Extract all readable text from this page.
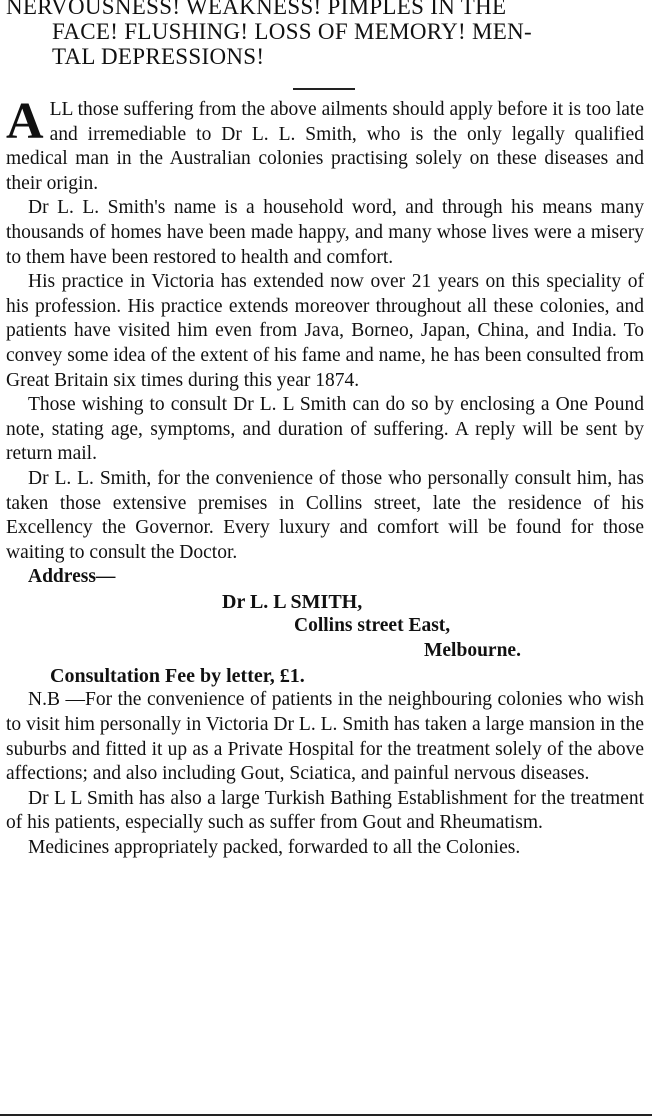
NERVOUSNESS! WEAKNESS! PIMPLES IN THE
FACE! FLUSHING! LOSS OF MEMORY! MEN-
TAL DEPRESSIONS!

ALL those suffering from the above ailments should apply before it is too late and irremediable to Dr L. L. Smith, who is the only legally qualified medical man in the Australian colonies practising solely on these diseases and their origin.

Dr L. L. Smith's name is a household word, and through his means many thousands of homes have been made happy, and many whose lives were a misery to them have been restored to health and comfort.

His practice in Victoria has extended now over 21 years on this speciality of his profession. His practice extends moreover throughout all these colonies, and patients have visited him even from Java, Borneo, Japan, China, and India. To convey some idea of the extent of his fame and name, he has been consulted from Great Britain six times during this year 1874.

Those wishing to consult Dr L. L Smith can do so by enclosing a One Pound note, stating age, symptoms, and duration of suffering. A reply will be sent by return mail.

Dr L. L. Smith, for the convenience of those who personally consult him, has taken those extensive premises in Collins street, late the residence of his Excellency the Governor. Every luxury and comfort will be found for those waiting to consult the Doctor.

Address—
Dr L. L SMITH,
Collins street East,
Melbourne.

Consultation Fee by letter, £1.

N.B —For the convenience of patients in the neighbouring colonies who wish to visit him personally in Victoria Dr L. L. Smith has taken a large mansion in the suburbs and fitted it up as a Private Hospital for the treatment solely of the above affections; and also including Gout, Sciatica, and painful nervous diseases.

Dr L L Smith has also a large Turkish Bathing Establishment for the treatment of his patients, especially such as suffer from Gout and Rheumatism.

Medicines appropriately packed, forwarded to all the Colonies.
